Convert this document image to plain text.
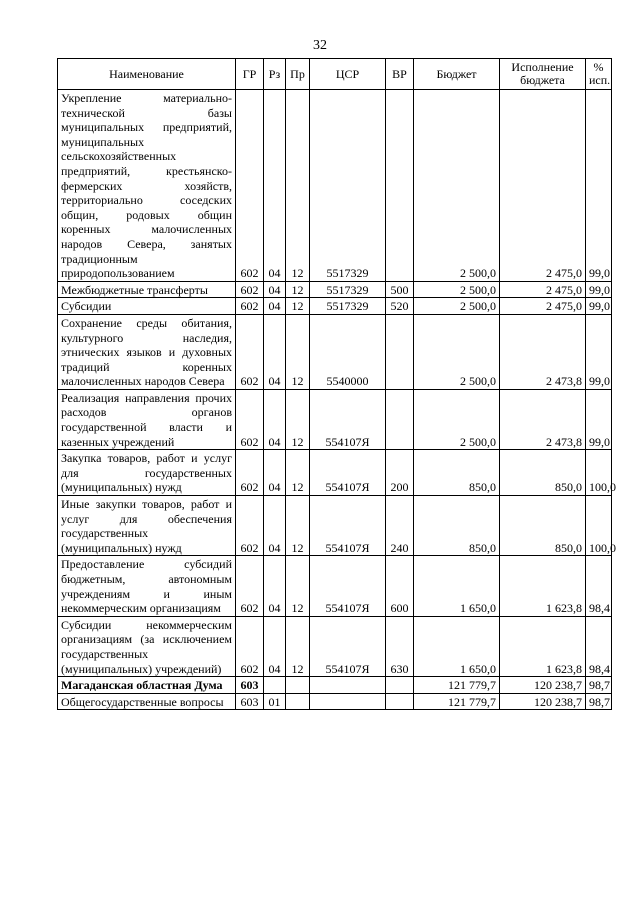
32
Наименование	ГР	Рз	Пр	ЦСР	ВР	Бюджет	Исполнение бюджета	% исп.
Укрепление материально-технической базы муниципальных предприятий, муниципальных сельскохозяйственных предприятий, крестьянско-фермерских хозяйств, территориально соседских общин, родовых общин коренных малочисленных народов Севера, занятых традиционным природопользованием	602	04	12	5517329		2 500,0	2 475,0	99,0
Межбюджетные трансферты	602	04	12	5517329	500	2 500,0	2 475,0	99,0
Субсидии	602	04	12	5517329	520	2 500,0	2 475,0	99,0
Сохранение среды обитания, культурного наследия, этнических языков и духовных традиций коренных малочисленных народов Севера	602	04	12	5540000		2 500,0	2 473,8	99,0
Реализация направления прочих расходов органов государственной власти и казенных учреждений	602	04	12	554107Я		2 500,0	2 473,8	99,0
Закупка товаров, работ и услуг для государственных (муниципальных) нужд	602	04	12	554107Я	200	850,0	850,0	100,0
Иные закупки товаров, работ и услуг для обеспечения государственных (муниципальных) нужд	602	04	12	554107Я	240	850,0	850,0	100,0
Предоставление субсидий бюджетным, автономным учреждениям и иным некоммерческим организациям	602	04	12	554107Я	600	1 650,0	1 623,8	98,4
Субсидии некоммерческим организациям (за исключением государственных (муниципальных) учреждений)	602	04	12	554107Я	630	1 650,0	1 623,8	98,4
Магаданская областная Дума	603					121 779,7	120 238,7	98,7
Общегосударственные вопросы	603	01				121 779,7	120 238,7	98,7
